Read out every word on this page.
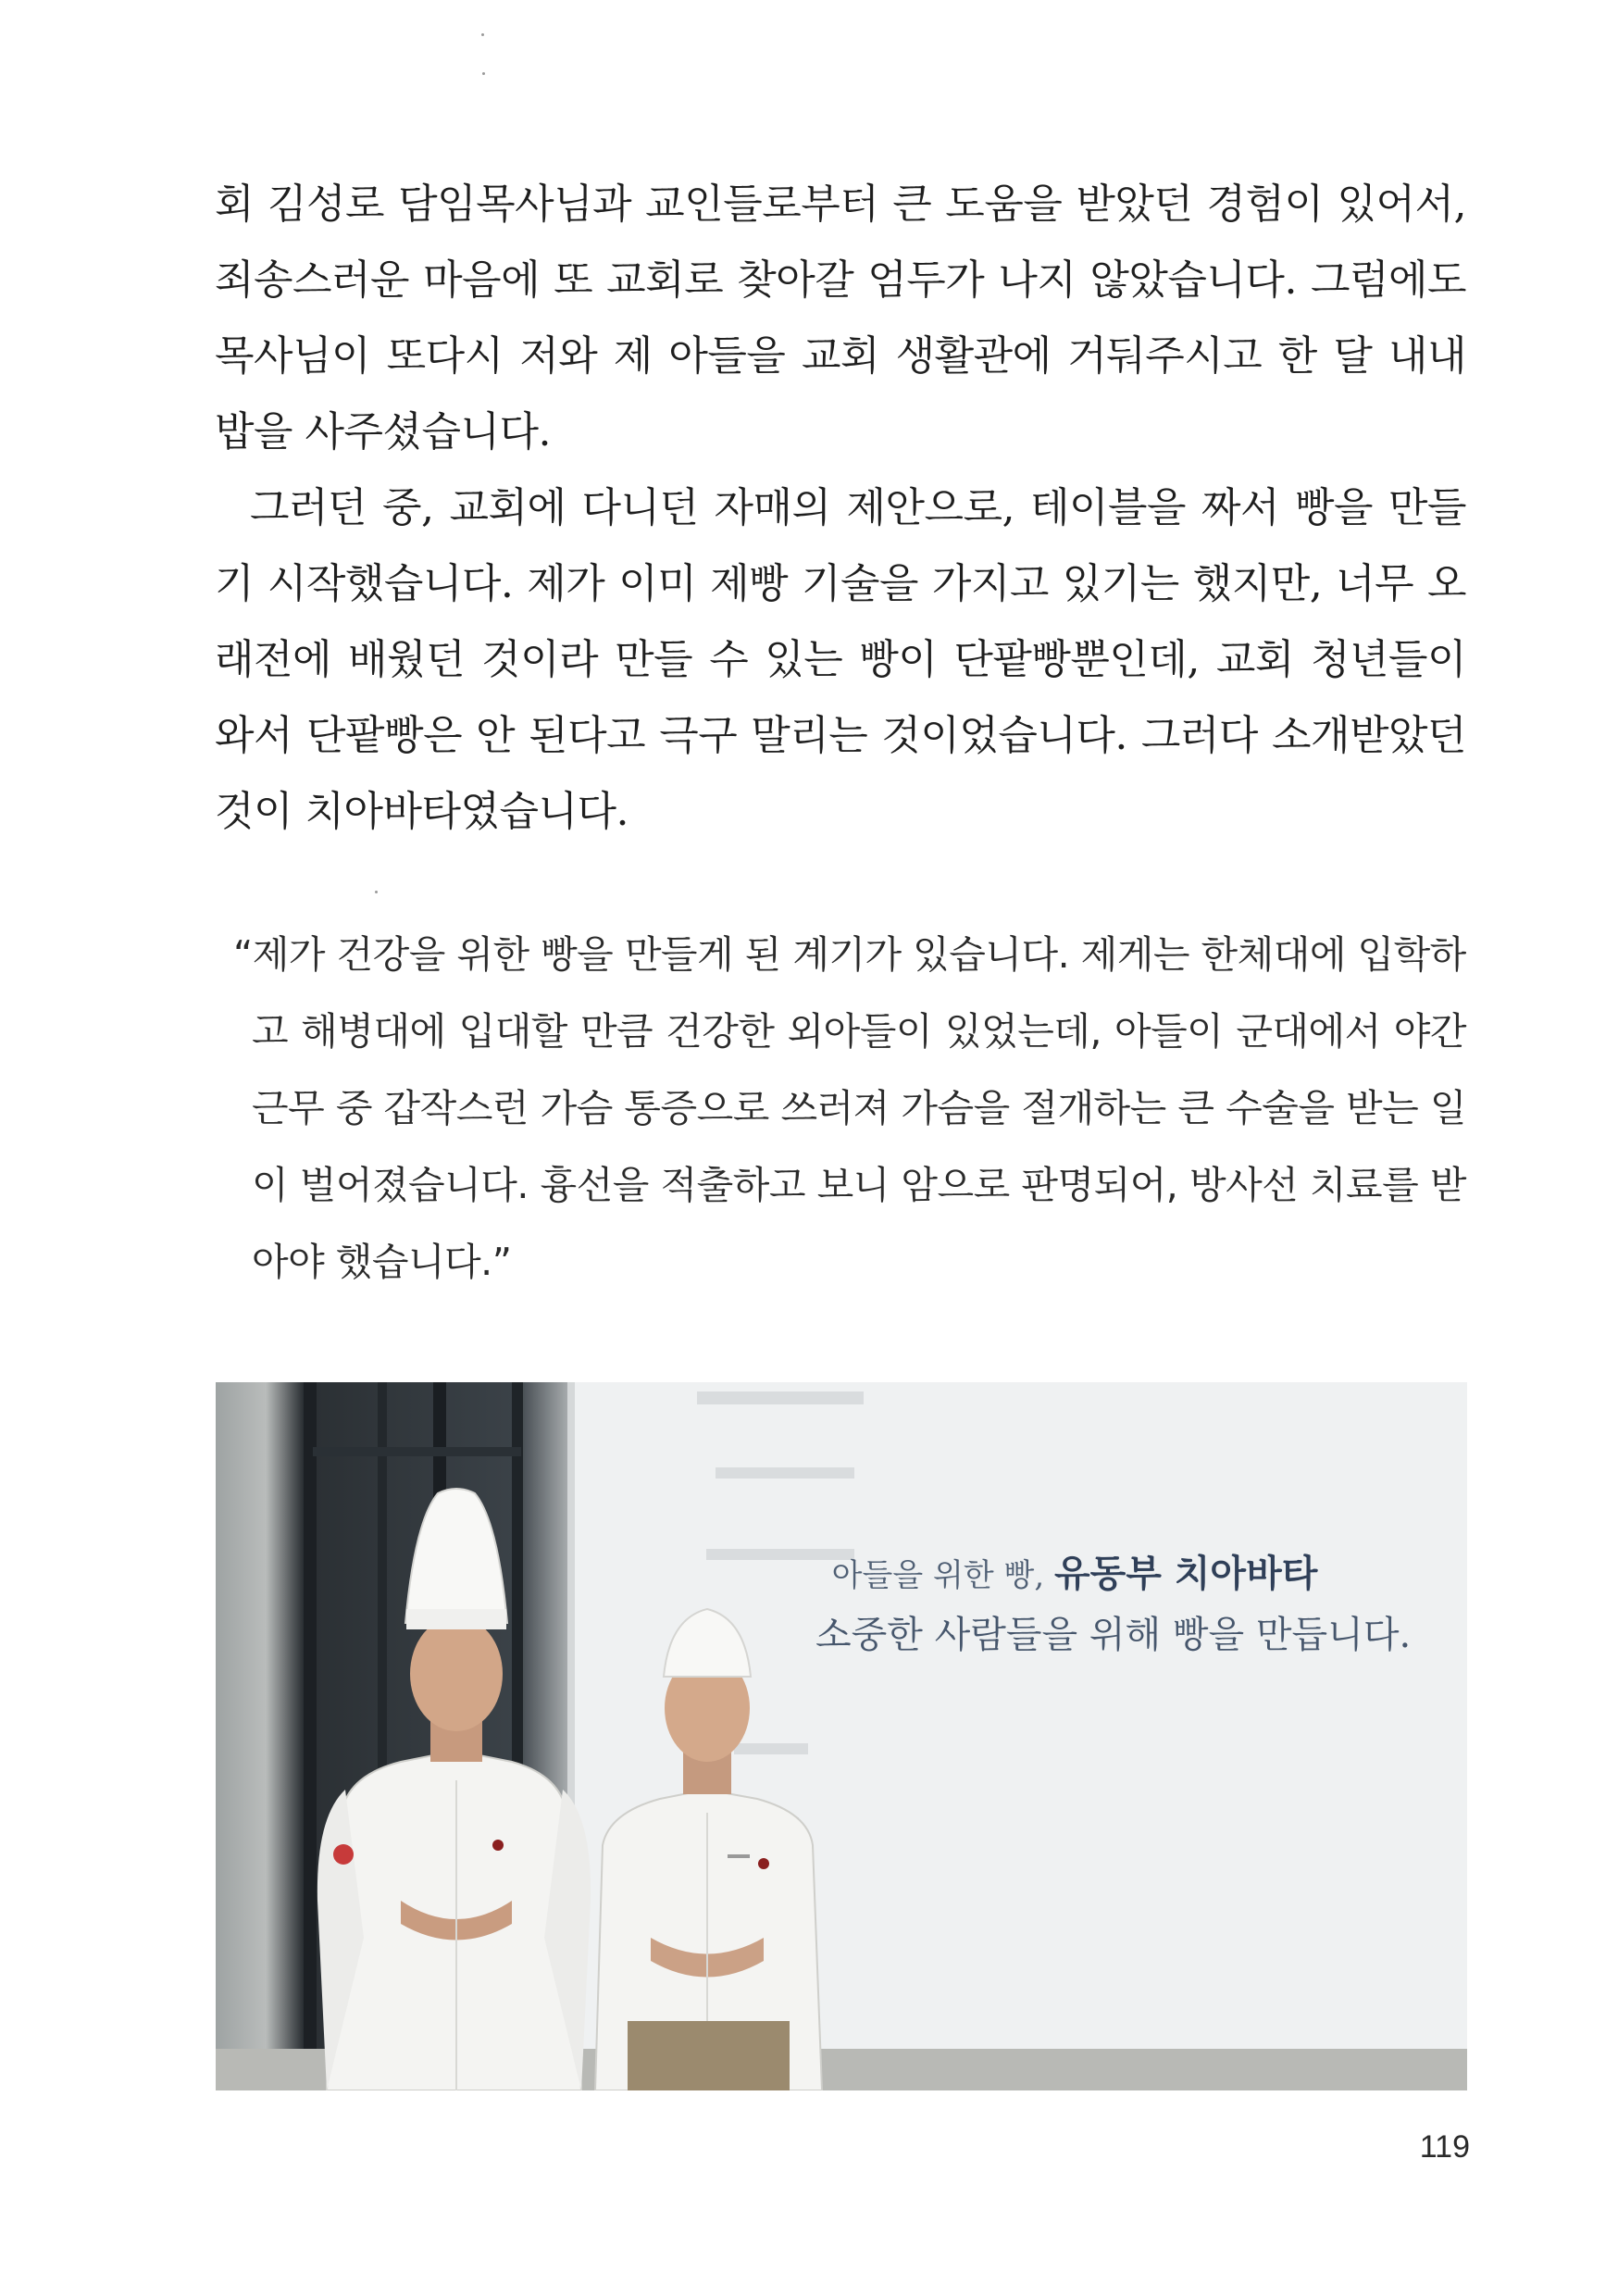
회 김성로 담임목사님과 교인들로부터 큰 도움을 받았던 경험이 있어서, 죄송스러운 마음에 또 교회로 찾아갈 엄두가 나지 않았습니다. 그럼에도 목사님이 또다시 저와 제 아들을 교회 생활관에 거둬주시고 한 달 내내 밥을 사주셨습니다.

그러던 중, 교회에 다니던 자매의 제안으로, 테이블을 짜서 빵을 만들기 시작했습니다. 제가 이미 제빵 기술을 가지고 있기는 했지만, 너무 오래전에 배웠던 것이라 만들 수 있는 빵이 단팥빵뿐인데, 교회 청년들이 와서 단팥빵은 안 된다고 극구 말리는 것이었습니다. 그러다 소개받았던 것이 치아바타였습니다.

“제가 건강을 위한 빵을 만들게 된 계기가 있습니다. 제게는 한체대에 입학하
고 해병대에 입대할 만큼 건강한 외아들이 있었는데, 아들이 군대에서 야간 근무 중 갑작스런 가슴 통증으로 쓰러져 가슴을 절개하는 큰 수술을 받는 일이 벌어졌습니다. 흉선을 적출하고 보니 암으로 판명되어, 방사선 치료를 받아야 했습니다.”

아들을 위한 빵, 유동부 치아바타
소중한 사람들을 위해 빵을 만듭니다.
119
